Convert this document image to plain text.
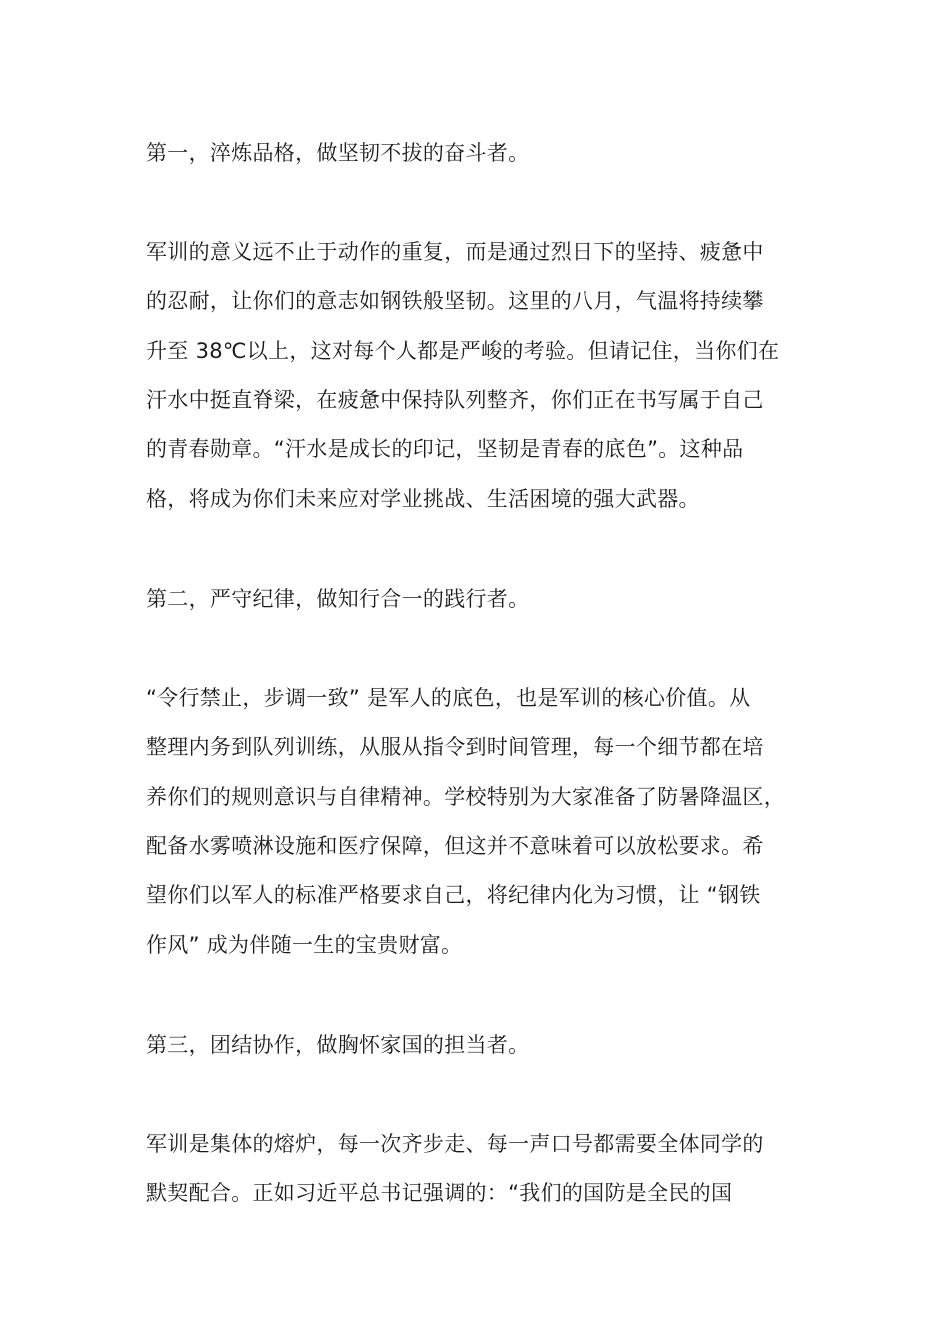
第一，淬炼品格，做坚韧不拔的奋斗者。

军训的意义远不止于动作的重复，而是通过烈日下的坚持、疲惫中

的忍耐，让你们的意志如钢铁般坚韧。这里的八月，气温将持续攀

升至 38℃以上，这对每个人都是严峻的考验。但请记住，当你们在

汗水中挺直脊梁，在疲惫中保持队列整齐，你们正在书写属于自己

的青春勋章。“汗水是成长的印记，坚韧是青春的底色”。这种品

格，将成为你们未来应对学业挑战、生活困境的强大武器。

第二，严守纪律，做知行合一的践行者。

“令行禁止，步调一致” 是军人的底色，也是军训的核心价值。从

整理内务到队列训练，从服从指令到时间管理，每一个细节都在培

养你们的规则意识与自律精神。学校特别为大家准备了防暑降温区，

配备水雾喷淋设施和医疗保障，但这并不意味着可以放松要求。希

望你们以军人的标准严格要求自己，将纪律内化为习惯，让 “钢铁

作风” 成为伴随一生的宝贵财富。

第三，团结协作，做胸怀家国的担当者。

军训是集体的熔炉，每一次齐步走、每一声口号都需要全体同学的

默契配合。正如习近平总书记强调的：“我们的国防是全民的国
